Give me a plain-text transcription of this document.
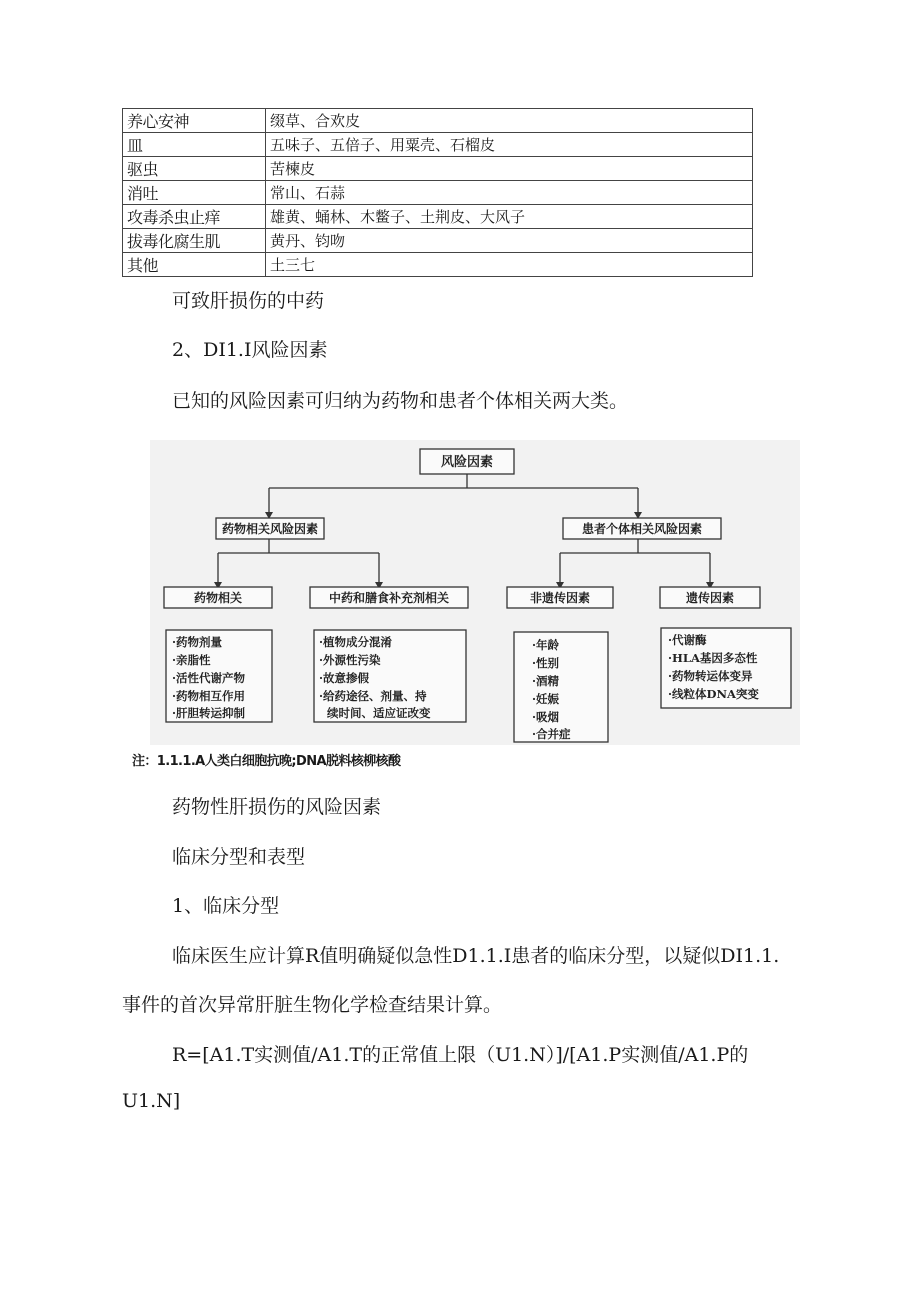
养心安神	缀草、合欢皮
皿	五味子、五倍子、用粟壳、石榴皮
驱虫	苦楝皮
消吐	常山、石蒜
攻毒杀虫止痒	雄黄、蛹林、木鳖子、土荆皮、大风子
拔毒化腐生肌	黄丹、钧吻
其他	土三七
可致肝损伤的中药
2、DI1.I风险因素
已知的风险因素可归纳为药物和患者个体相关两大类。
风险因素
药物相关风险因素	患者个体相关风险因素
药物相关	中药和膳食补充剂相关	非遗传因素	遗传因素
·药物剂量
·亲脂性
·活性代谢产物
·药物相互作用
·肝胆转运抑制
·植物成分混淆
·外源性污染
·故意掺假
·给药途径、剂量、持
续时间、适应证改变
·年龄
·性别
·酒精
·妊娠
·吸烟
·合并症
·代谢酶
·HLA基因多态性
·药物转运体变异
·线粒体DNA突变
注：1.1.1.A人类白细胞抗晚;DNA脱料核柳核酸
药物性肝损伤的风险因素
临床分型和表型
1、临床分型
临床医生应计算R值明确疑似急性D1.1.I患者的临床分型，以疑似DI1.1.
事件的首次异常肝脏生物化学检查结果计算。
R=[A1.T实测值/A1.T的正常值上限（U1.N）]/[A1.P实测值/A1.P的
U1.N]
